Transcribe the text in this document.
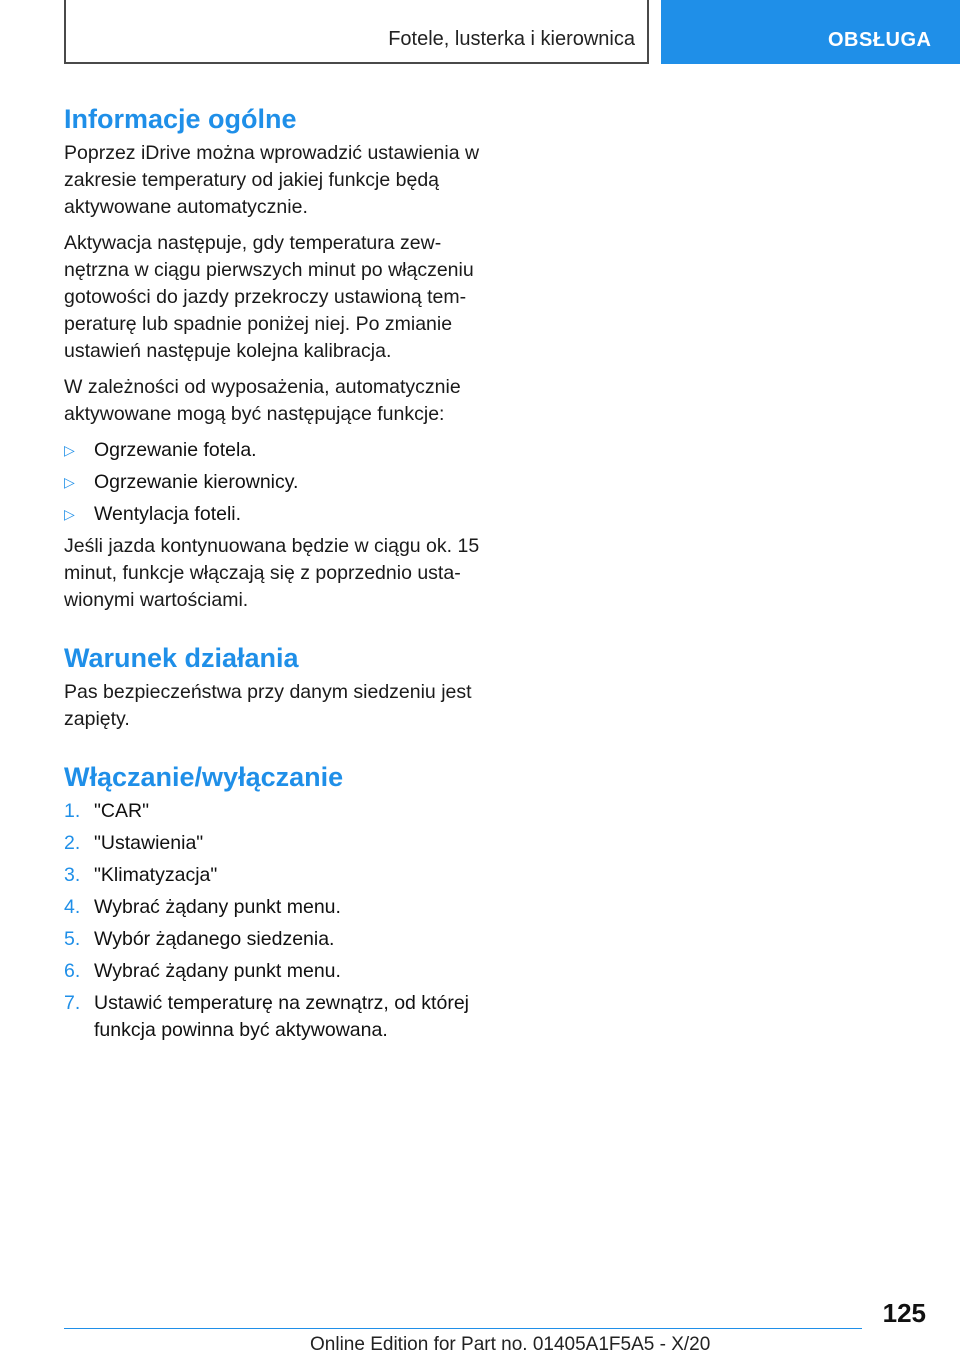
Fotele, lusterka i kierownica	OBSŁUGA
Informacje ogólne

Poprzez iDrive można wprowadzić ustawienia w zakresie temperatury od jakiej funkcje będą aktywowane automatycznie.

Aktywacja następuje, gdy temperatura zewnętrzna w ciągu pierwszych minut po włączeniu gotowości do jazdy przekroczy ustawioną temperaturę lub spadnie poniżej niej. Po zmianie ustawień następuje kolejna kalibracja.

W zależności od wyposażenia, automatycznie aktywowane mogą być następujące funkcje:

▷ Ogrzewanie fotela.
▷ Ogrzewanie kierownicy.
▷ Wentylacja foteli.

Jeśli jazda kontynuowana będzie w ciągu ok. 15 minut, funkcje włączają się z poprzednio ustawionymi wartościami.

Warunek działania

Pas bezpieczeństwa przy danym siedzeniu jest zapięty.

Włączanie/wyłączanie
1. "CAR"
2. "Ustawienia"
3. "Klimatyzacja"
4. Wybrać żądany punkt menu.
5. Wybór żądanego siedzenia.
6. Wybrać żądany punkt menu.
7. Ustawić temperaturę na zewnątrz, od której funkcja powinna być aktywowana.
125
Online Edition for Part no. 01405A1F5A5 - X/20
